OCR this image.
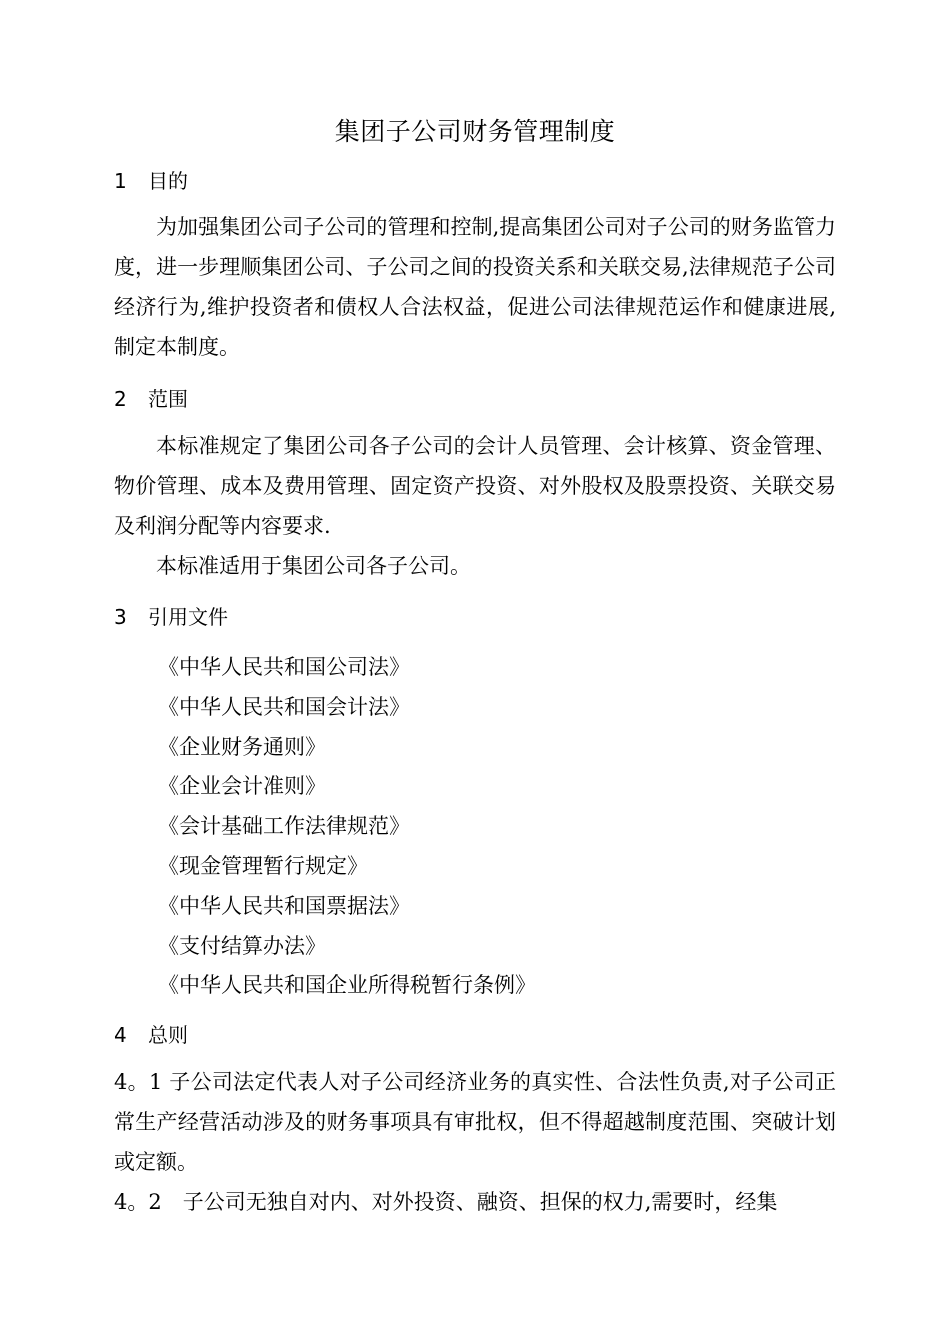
集团子公司财务管理制度
1 目的

为加强集团公司子公司的管理和控制,提高集团公司对子公司的财务监管力度，进一步理顺集团公司、子公司之间的投资关系和关联交易,法律规范子公司经济行为,维护投资者和债权人合法权益，促进公司法律规范运作和健康进展,制定本制度。

2 范围

本标准规定了集团公司各子公司的会计人员管理、会计核算、资金管理、物价管理、成本及费用管理、固定资产投资、对外股权及股票投资、关联交易及利润分配等内容要求.

本标准适用于集团公司各子公司。

3 引用文件
《中华人民共和国公司法》
《中华人民共和国会计法》
《企业财务通则》
《企业会计准则》
《会计基础工作法律规范》
《现金管理暂行规定》
《中华人民共和国票据法》
《支付结算办法》
《中华人民共和国企业所得税暂行条例》
4 总则

4。1 子公司法定代表人对子公司经济业务的真实性、合法性负责,对子公司正常生产经营活动涉及的财务事项具有审批权，但不得超越制度范围、突破计划或定额。

4。2　子公司无独自对内、对外投资、融资、担保的权力,需要时，经集
